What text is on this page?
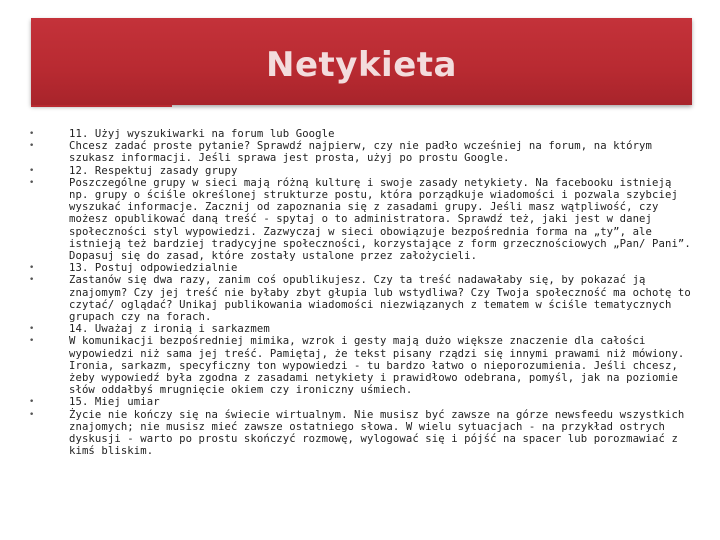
Netykieta
•	11. Użyj wyszukiwarki na forum lub Google
•	Chcesz zadać proste pytanie? Sprawdź najpierw, czy nie padło wcześniej na forum, na którym szukasz informacji. Jeśli sprawa jest prosta, użyj po prostu Google.
•	12. Respektuj zasady grupy
•	Poszczególne grupy w sieci mają różną kulturę i swoje zasady netykiety. Na facebooku istnieją np. grupy o ściśle określonej strukturze postu, która porządkuje wiadomości i pozwala szybciej wyszukać informacje. Zacznij od zapoznania się z zasadami grupy. Jeśli masz wątpliwość, czy możesz opublikować daną treść - spytaj o to administratora. Sprawdź też, jaki jest w danej społeczności styl wypowiedzi. Zazwyczaj w sieci obowiązuje bezpośrednia forma na „ty”, ale istnieją też bardziej tradycyjne społeczności, korzystające z form grzecznościowych „Pan/ Pani”. Dopasuj się do zasad, które zostały ustalone przez założycieli.
•	13. Postuj odpowiedzialnie
•	Zastanów się dwa razy, zanim coś opublikujesz. Czy ta treść nadawałaby się, by pokazać ją znajomym? Czy jej treść nie byłaby zbyt głupia lub wstydliwa? Czy Twoja społeczność ma ochotę to czytać/ oglądać? Unikaj publikowania wiadomości niezwiązanych z tematem w ściśle tematycznych grupach czy na forach.
•	14. Uważaj z ironią i sarkazmem
•	W komunikacji bezpośredniej mimika, wzrok i gesty mają dużo większe znaczenie dla całości wypowiedzi niż sama jej treść. Pamiętaj, że tekst pisany rządzi się innymi prawami niż mówiony. Ironia, sarkazm, specyficzny ton wypowiedzi - tu bardzo łatwo o nieporozumienia. Jeśli chcesz, żeby wypowiedź była zgodna z zasadami netykiety i prawidłowo odebrana, pomyśl, jak na poziomie słów oddałbyś mrugnięcie okiem czy ironiczny uśmiech.
•	15. Miej umiar
•	Życie nie kończy się na świecie wirtualnym. Nie musisz być zawsze na górze newsfeedu wszystkich znajomych; nie musisz mieć zawsze ostatniego słowa. W wielu sytuacjach - na przykład ostrych dyskusji - warto po prostu skończyć rozmowę, wylogować się i pójść na spacer lub porozmawiać z kimś bliskim.
